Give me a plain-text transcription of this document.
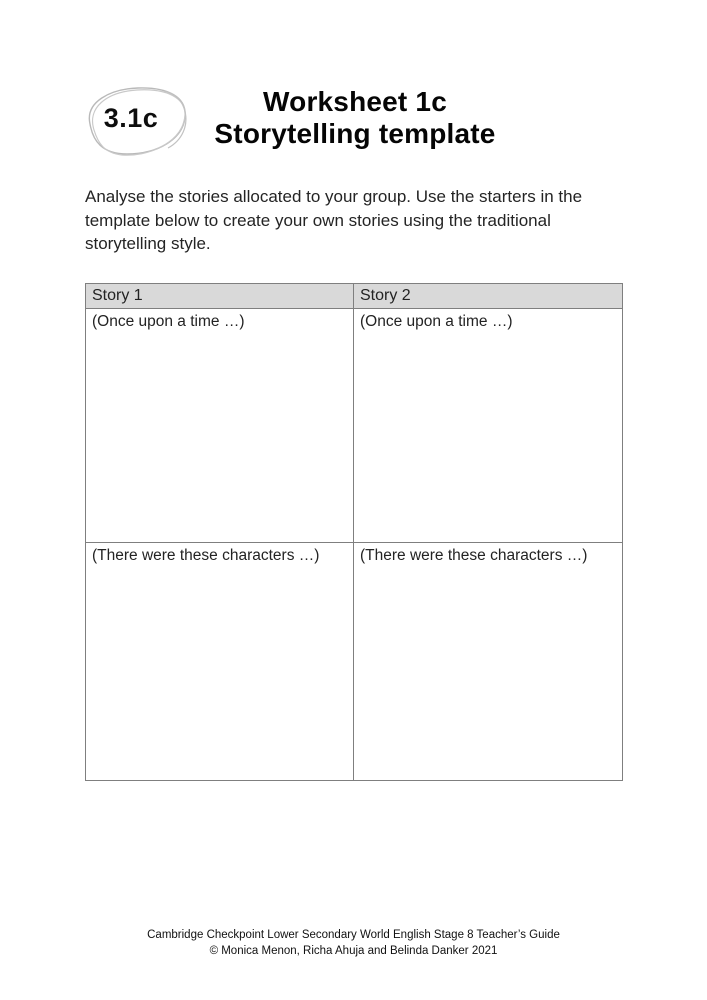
3.1c
Worksheet 1c
Storytelling template
Analyse the stories allocated to your group. Use the starters in the
template below to create your own stories using the traditional
storytelling style.
Story 1	Story 2
(Once upon a time …)	(Once upon a time …)
(There were these characters …)	(There were these characters …)
Cambridge Checkpoint Lower Secondary World English Stage 8 Teacher’s Guide
© Monica Menon, Richa Ahuja and Belinda Danker 2021
